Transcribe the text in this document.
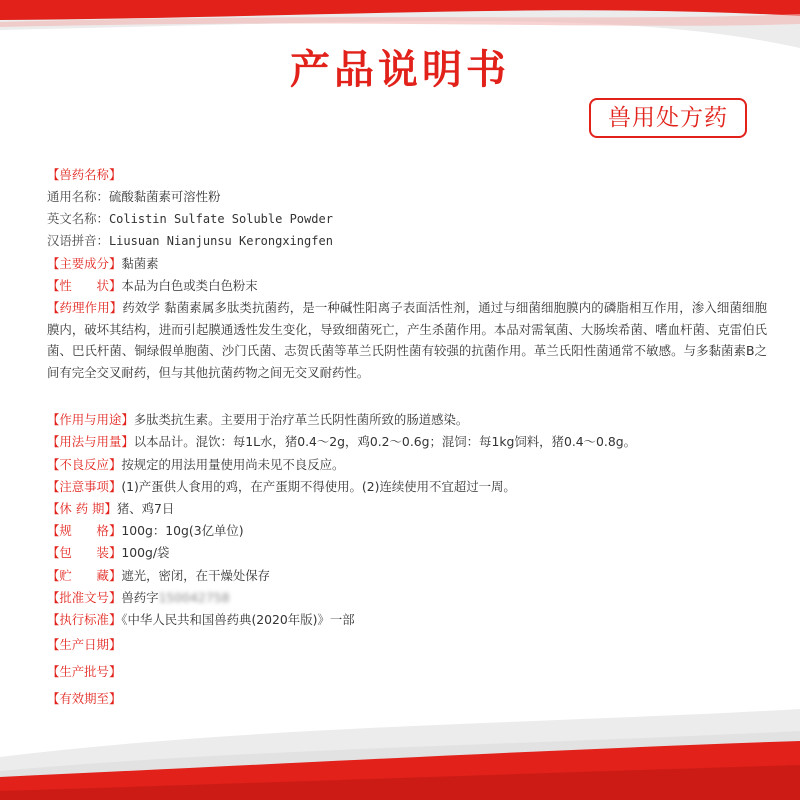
产品说明书
兽用处方药
【兽药名称】
通用名称：硫酸黏菌素可溶性粉
英文名称：Colistin Sulfate Soluble Powder
汉语拼音：Liusuan Nianjunsu Kerongxingfen
【主要成分】黏菌素
【性　　状】本品为白色或类白色粉末
【药理作用】药效学 黏菌素属多肽类抗菌药，是一种碱性阳离子表面活性剂，通过与细菌细胞膜内的磷脂相互作用，渗入细菌细胞膜内，破坏其结构，进而引起膜通透性发生变化，导致细菌死亡，产生杀菌作用。本品对需氧菌、大肠埃希菌、嗜血杆菌、克雷伯氏菌、巴氏杆菌、铜绿假单胞菌、沙门氏菌、志贺氏菌等革兰氏阴性菌有较强的抗菌作用。革兰氏阳性菌通常不敏感。与多黏菌素B之间有完全交叉耐药，但与其他抗菌药物之间无交叉耐药性。
【作用与用途】多肽类抗生素。主要用于治疗革兰氏阴性菌所致的肠道感染。
【用法与用量】以本品计。混饮：每1L水，猪0.4～2g，鸡0.2～0.6g；混饲：每1kg饲料，猪0.4～0.8g。
【不良反应】按规定的用法用量使用尚未见不良反应。
【注意事项】(1)产蛋供人食用的鸡，在产蛋期不得使用。(2)连续使用不宜超过一周。
【休 药 期】猪、鸡7日
【规　　格】100g：10g(3亿单位)
【包　　装】100g/袋
【贮　　藏】遮光，密闭，在干燥处保存
【批准文号】兽药字150042758
【执行标准】《中华人民共和国兽药典(2020年版)》一部
【生产日期】
【生产批号】
【有效期至】
